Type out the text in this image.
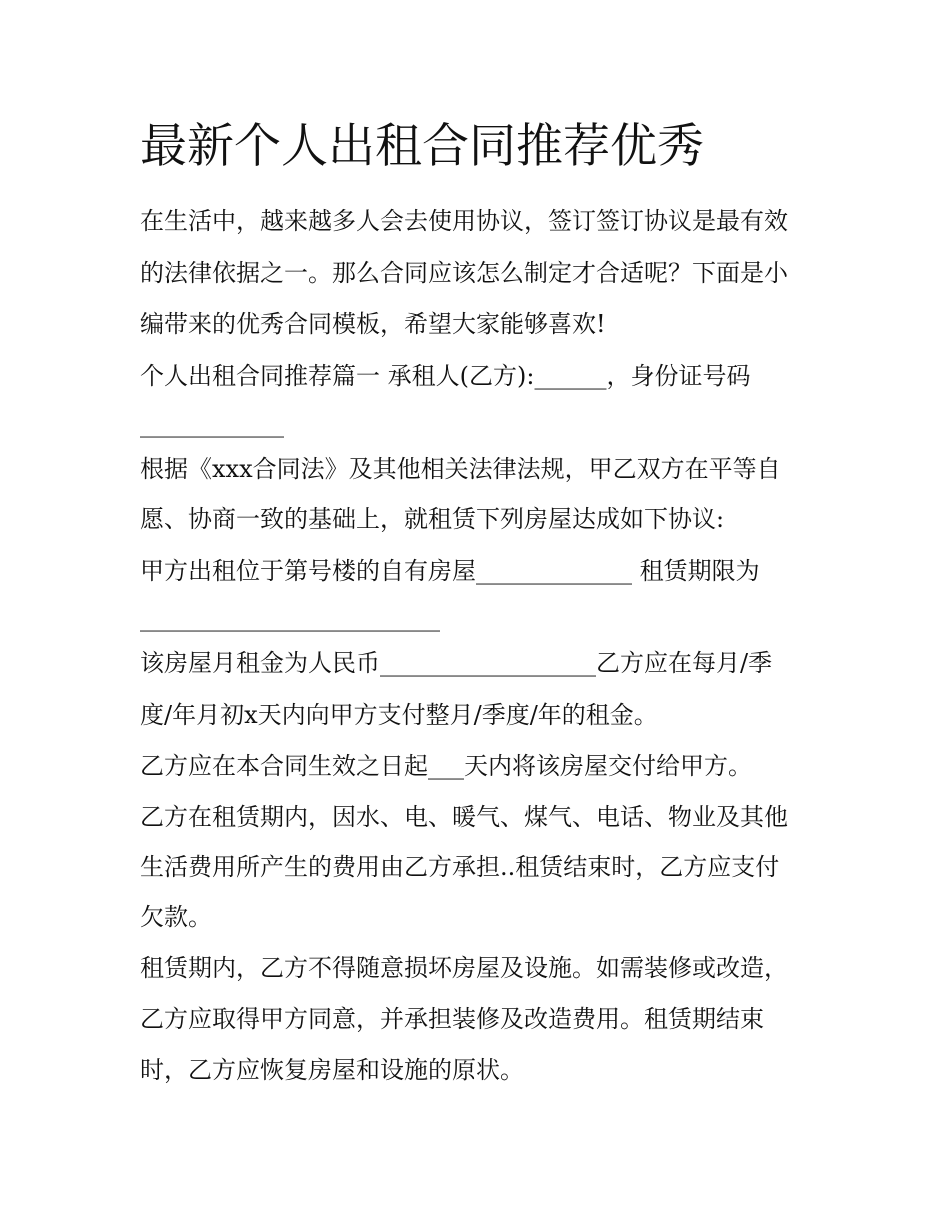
最新个人出租合同推荐优秀
在生活中，越来越多人会去使用协议，签订签订协议是最有效
的法律依据之一。那么合同应该怎么制定才合适呢？下面是小
编带来的优秀合同模板，希望大家能够喜欢!
个人出租合同推荐篇一 承租人(乙方):______，身份证号码
____________
根据《xxx合同法》及其他相关法律法规，甲乙双方在平等自
愿、协商一致的基础上，就租赁下列房屋达成如下协议:
甲方出租位于第号楼的自有房屋_____________ 租赁期限为
_________________________
该房屋月租金为人民币__________________乙方应在每月/季
度/年月初x天内向甲方支付整月/季度/年的租金。
乙方应在本合同生效之日起___天内将该房屋交付给甲方。
乙方在租赁期内，因水、电、暖气、煤气、电话、物业及其他
生活费用所产生的费用由乙方承担..租赁结束时，乙方应支付
欠款。
租赁期内，乙方不得随意损坏房屋及设施。如需装修或改造，
乙方应取得甲方同意，并承担装修及改造费用。租赁期结束
时，乙方应恢复房屋和设施的原状。
